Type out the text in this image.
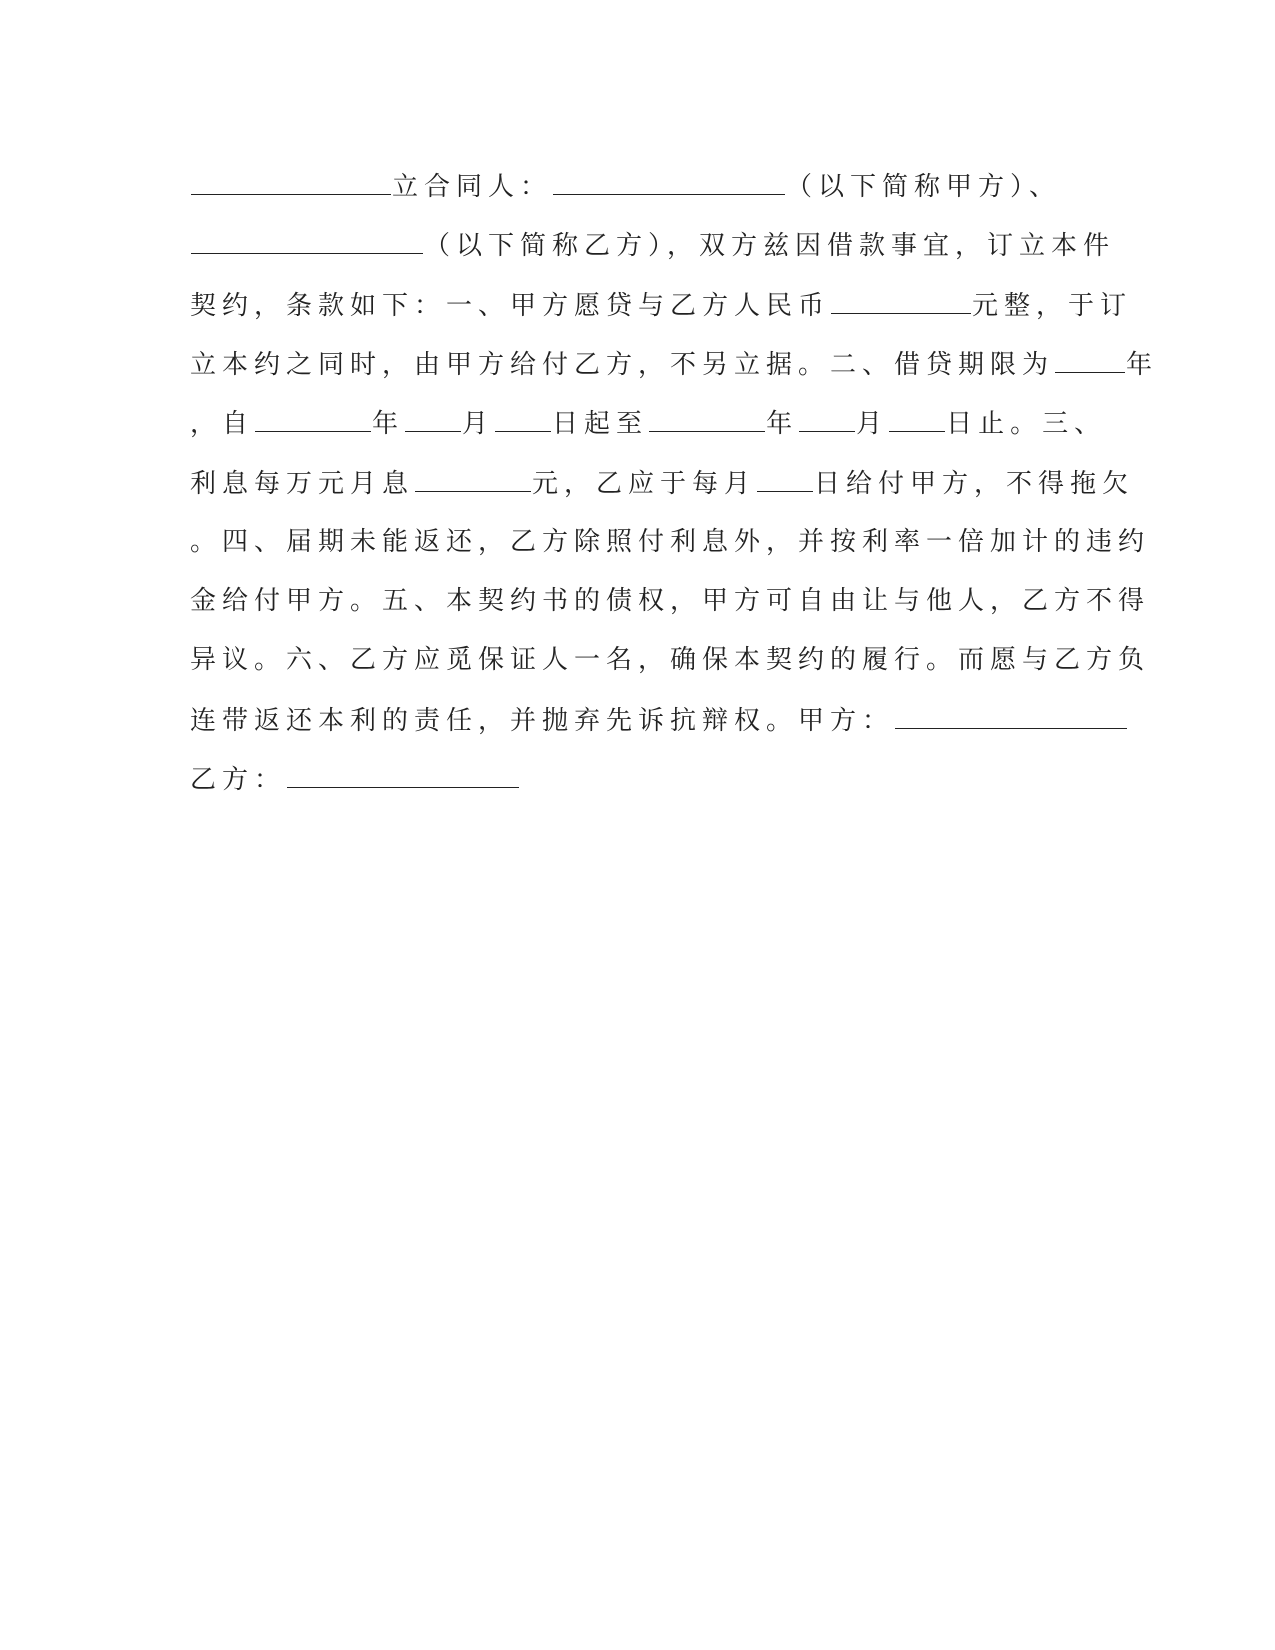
立合同人：	（以下简称甲方）、
（以下简称乙方），双方兹因借款事宜，订立本件
契约，条款如下：一、甲方愿贷与乙方人民币	元整，于订
立本约之同时，由甲方给付乙方，不另立据。二、借贷期限为	年
，自	年 月 日起至	年 月 日止。三、
利息每万元月息	元，乙应于每月 日给付甲方，不得拖欠
。四、届期未能返还，乙方除照付利息外，并按利率一倍加计的违约
金给付甲方。五、本契约书的债权，甲方可自由让与他人，乙方不得
异议。六、乙方应觅保证人一名，确保本契约的履行。而愿与乙方负
连带返还本利的责任，并抛弃先诉抗辩权。甲方：
乙方：
